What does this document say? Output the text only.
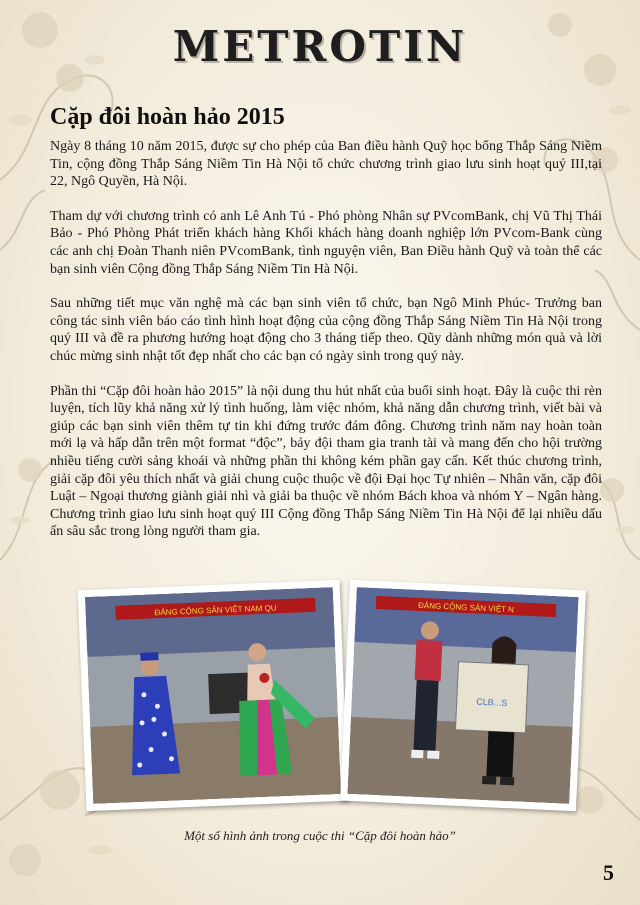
METROTIN
Cặp đôi hoàn hảo 2015

Ngày 8 tháng 10 năm 2015, được sự cho phép của Ban điều hành Quỹ học bổng Thắp Sáng Niềm Tin, cộng đồng Thắp Sáng Niềm Tin Hà Nội tổ chức chương trình giao lưu sinh hoạt quý III,tại 22, Ngô Quyền, Hà Nội.

Tham dự với chương trình có anh Lê Anh Tú - Phó phòng Nhân sự PVcomBank, chị Vũ Thị Thái Bảo - Phó Phòng Phát triển khách hàng Khối khách hàng doanh nghiệp lớn PVcom-Bank cùng các anh chị Đoàn Thanh niên PVcomBank, tình nguyện viên, Ban Điều hành Quỹ và toàn thể các bạn sinh viên Cộng đồng Thắp Sáng Niềm Tin Hà Nội.

Sau những tiết mục văn nghệ mà các bạn sinh viên tổ chức, bạn Ngô Minh Phúc- Trưởng ban công tác sinh viên báo cáo tình hình hoạt động của cộng đồng Thắp Sáng Niềm Tin Hà Nội trong quý III và đề ra phương hướng hoạt động cho 3 tháng tiếp theo. Qũy dành những món quà và lời chúc mừng sinh nhật tốt đẹp nhất cho các bạn có ngày sinh trong quý này.

Phần thi “Cặp đôi hoàn hảo 2015” là nội dung thu hút nhất của buổi sinh hoạt. Đây là cuộc thi rèn luyện, tích lũy khả năng xử lý tình huống, làm việc nhóm, khả năng dẫn chương trình, viết bài và giúp các bạn sinh viên thêm tự tin khi đứng trước đám đông. Chương trình năm nay hoàn toàn mới lạ và hấp dẫn trên một format “độc”, bảy đội tham gia tranh tài và mang đến cho hội trường nhiều tiếng cười sảng khoái và những phần thi không kém phần gay cấn. Kết thúc chương trình, giải cặp đôi yêu thích nhất và giải chung cuộc thuộc về đội Đại học Tự nhiên – Nhân văn, cặp đôi Luật – Ngoại thương giành giải nhì và giải ba thuộc về nhóm Bách khoa và nhóm Y – Ngân hàng. Chương trình giao lưu sinh hoạt quý III Cộng đồng Thắp Sáng Niềm Tin Hà Nội để lại nhiều dấu ấn sâu sắc trong lòng người tham gia.

ĐẢNG CỘNG SẢN VIỆT NAM QU	ĐẢNG CỘNG SẢN VIỆT N
CLB...S
Một số hình ảnh trong cuộc thi “Cặp đôi hoàn hảo”
5
